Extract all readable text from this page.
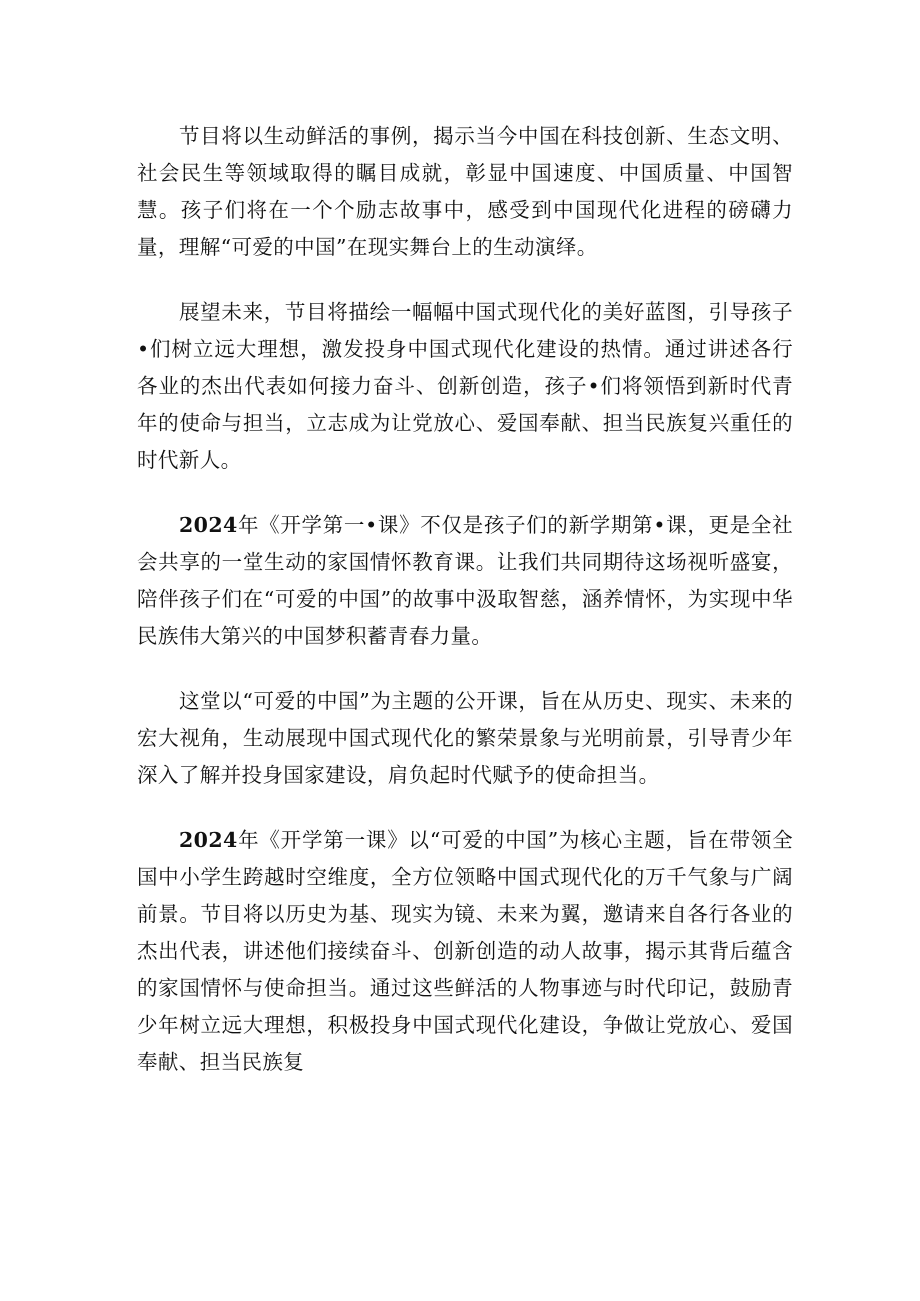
节目将以生动鲜活的事例，揭示当今中国在科技创新、生态文明、社会民生等领域取得的瞩目成就，彰显中国速度、中国质量、中国智慧。孩子们将在一个个励志故事中，感受到中国现代化进程的磅礴力量，理解“可爱的中国”在现实舞台上的生动演绎。

展望未来，节目将描绘一幅幅中国式现代化的美好蓝图，引导孩子•们树立远大理想，激发投身中国式现代化建设的热情。通过讲述各行各业的杰出代表如何接力奋斗、创新创造，孩子•们将领悟到新时代青年的使命与担当，立志成为让党放心、爱国奉献、担当民族复兴重任的时代新人。

2024年《开学第一•课》不仅是孩子们的新学期第•课，更是全社会共享的一堂生动的家国情怀教育课。让我们共同期待这场视听盛宴，陪伴孩子们在“可爱的中国”的故事中汲取智慈，涵养情怀，为实现中华民族伟大第兴的中国梦积蓄青春力量。

这堂以“可爱的中国”为主题的公开课，旨在从历史、现实、未来的宏大视角，生动展现中国式现代化的繁荣景象与光明前景，引导青少年深入了解并投身国家建设，肩负起时代赋予的使命担当。

2024年《开学第一课》以“可爱的中国”为核心主题，旨在带领全国中小学生跨越时空维度，全方位领略中国式现代化的万千气象与广阔前景。节目将以历史为基、现实为镜、未来为翼，邀请来自各行各业的杰出代表，讲述他们接续奋斗、创新创造的动人故事，揭示其背后蕴含的家国情怀与使命担当。通过这些鲜活的人物事迹与时代印记，鼓励青少年树立远大理想，积极投身中国式现代化建设，争做让党放心、爱国奉献、担当民族复
